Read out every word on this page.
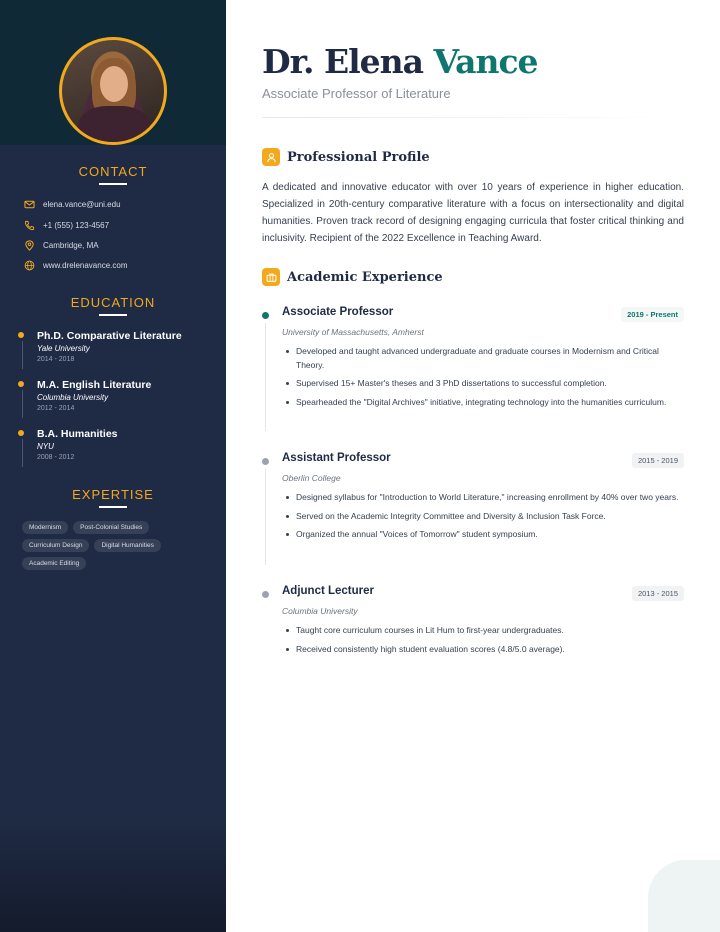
CONTACT
elena.vance@uni.edu
+1 (555) 123-4567
Cambridge, MA
www.drelenavance.com
EDUCATION
Ph.D. Comparative Literature
Yale University
2014 - 2018
M.A. English Literature
Columbia University
2012 - 2014
B.A. Humanities
NYU
2008 - 2012
EXPERTISE
Modernism	Post-Colonial Studies
Curriculum Design	Digital Humanities
Academic Editing
Dr. Elena Vance
Associate Professor of Literature
Professional Profile

A dedicated and innovative educator with over 10 years of experience in higher education. Specialized in 20th-century comparative literature with a focus on intersectionality and digital humanities. Proven track record of designing engaging curricula that foster critical thinking and inclusivity. Recipient of the 2022 Excellence in Teaching Award.

Academic Experience
Associate Professor	2019 - Present
University of Massachusetts, Amherst
Developed and taught advanced undergraduate and graduate courses in Modernism and Critical Theory.
Supervised 15+ Master's theses and 3 PhD dissertations to successful completion.
Spearheaded the "Digital Archives" initiative, integrating technology into the humanities curriculum.
Assistant Professor	2015 - 2019
Oberlin College
Designed syllabus for "Introduction to World Literature," increasing enrollment by 40% over two years.
Served on the Academic Integrity Committee and Diversity & Inclusion Task Force.
Organized the annual "Voices of Tomorrow" student symposium.
Adjunct Lecturer	2013 - 2015
Columbia University
Taught core curriculum courses in Lit Hum to first-year undergraduates.
Received consistently high student evaluation scores (4.8/5.0 average).
